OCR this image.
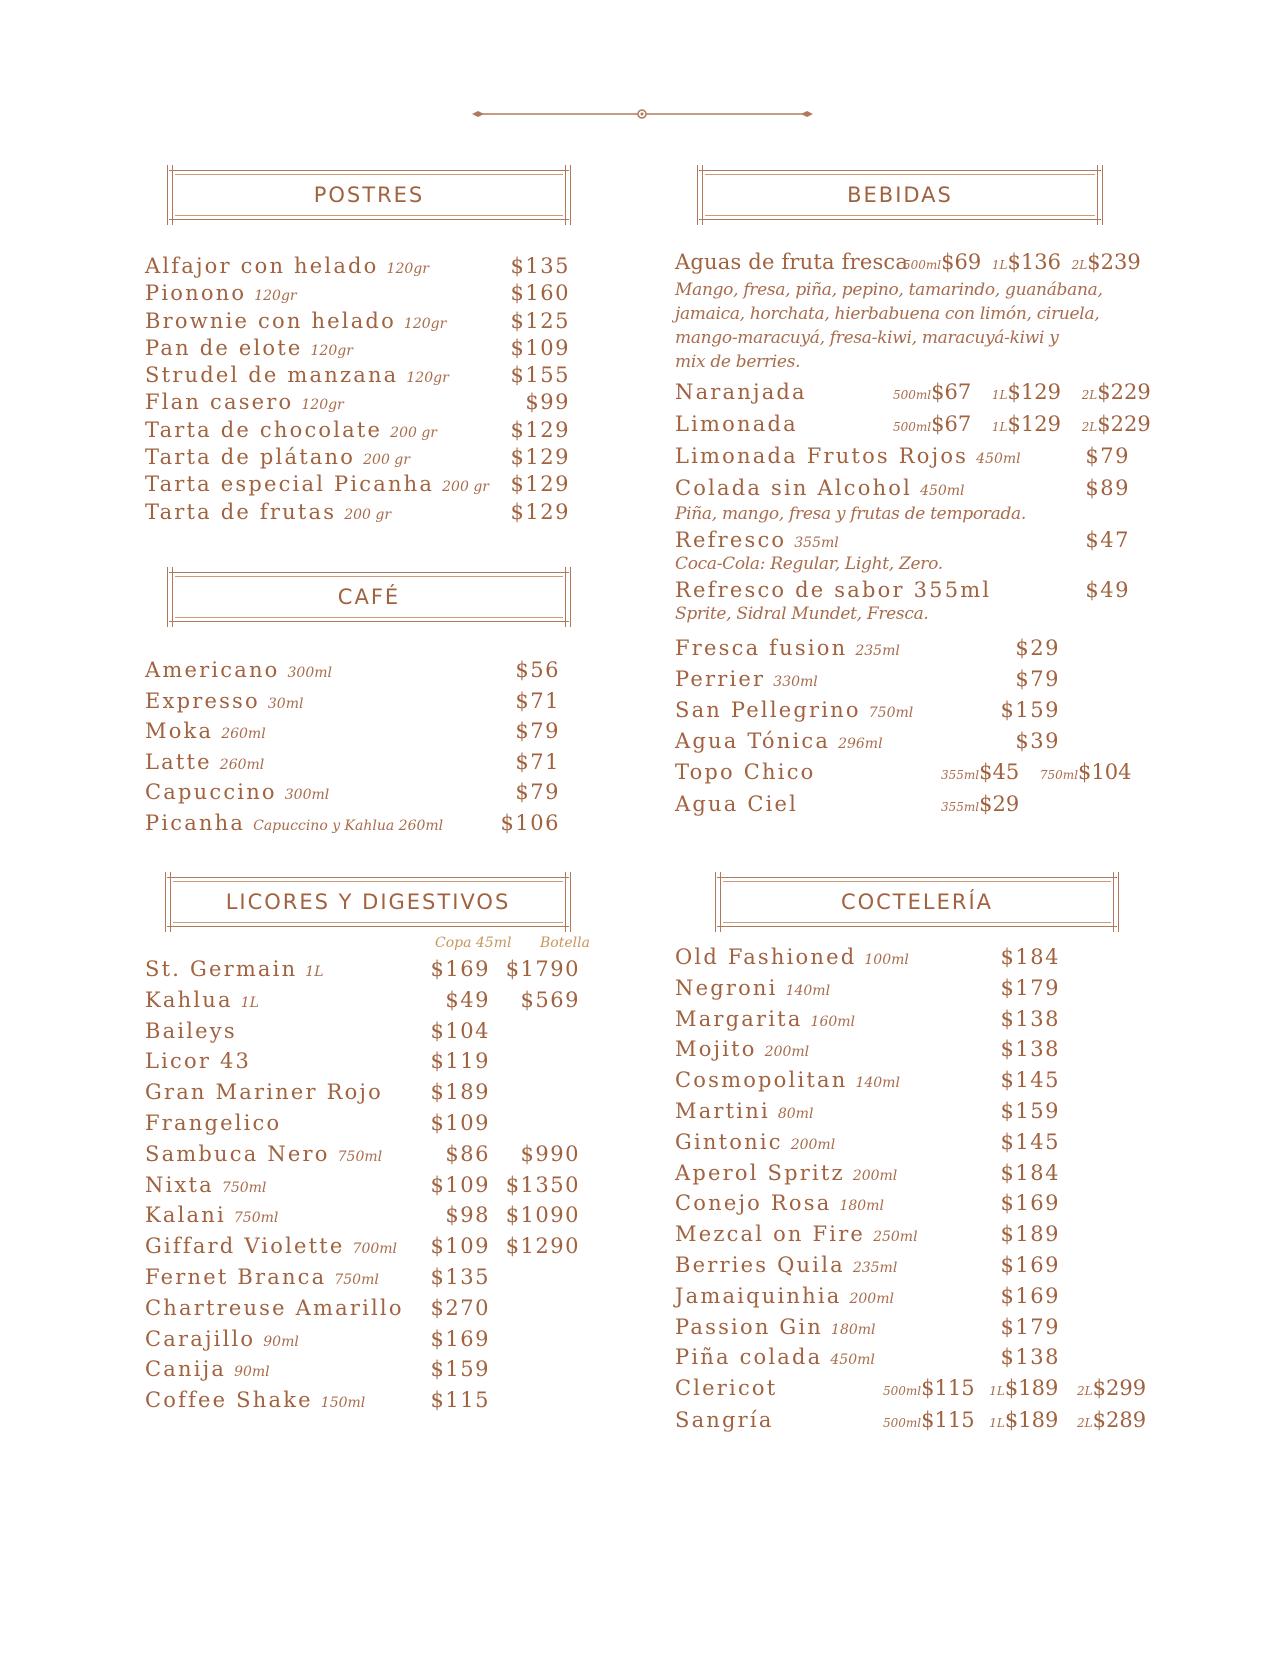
POSTRES
Alfajor con helado 120gr	$135
Pionono 120gr	$160
Brownie con helado 120gr	$125
Pan de elote 120gr	$109
Strudel de manzana 120gr	$155
Flan casero 120gr	$99
Tarta de chocolate 200 gr	$129
Tarta de plátano 200 gr	$129
Tarta especial Picanha 200 gr $129
Tarta de frutas 200 gr	$129
CAFÉ
Americano 300ml	$56
Expresso 30ml	$71
Moka 260ml	$79
Latte 260ml	$71
Capuccino 300ml	$79
Picanha Capuccino y Kahlua 260ml	$106
LICORES Y DIGESTIVOS
Copa 45ml Botella
St. Germain 1L	$169 $1790
Kahlua 1L	$49 $569
Baileys	$104
Licor 43	$119
Gran Mariner Rojo $189
Frangelico	$109
Sambuca Nero 750ml	$86 $990
Nixta 750ml	$109 $1350
Kalani 750ml	$98 $1090
Giffard Violette 700ml $109 $1290
Fernet Branca 750ml $135
Chartreuse Amarillo $270
Carajillo 90ml	$169
Canija 90ml	$159
Coffee Shake 150ml	$115
BEBIDAS
Aguas de fruta fresca
500ml$69 1L$136 2L$239
Mango, fresa, piña, pepino, tamarindo, guanábana,
jamaica, horchata, hierbabuena con limón, ciruela,
mango-maracuyá, fresa-kiwi, maracuyá-kiwi y
mix de berries.
Naranjada	500ml$67 1L$129 2L$229
Limonada	500ml$67 1L$129 2L$229
Limonada Frutos Rojos 450ml	$79
Colada sin Alcohol 450ml	$89
Piña, mango, fresa y frutas de temporada.
Refresco 355ml	$47
Coca-Cola: Regular, Light, Zero.
Refresco de sabor 355ml	$49
Sprite, Sidral Mundet, Fresca.
Fresca fusion 235ml	$29
Perrier 330ml	$79
San Pellegrino 750ml	$159
Agua Tónica 296ml	$39
Topo Chico	355ml$45 750ml$104
Agua Ciel	355ml$29
COCTELERÍA
Old Fashioned 100ml	$184
Negroni 140ml	$179
Margarita 160ml	$138
Mojito 200ml	$138
Cosmopolitan 140ml	$145
Martini 80ml	$159
Gintonic 200ml	$145
Aperol Spritz 200ml	$184
Conejo Rosa 180ml	$169
Mezcal on Fire 250ml	$189
Berries Quila 235ml	$169
Jamaiquinhia 200ml	$169
Passion Gin 180ml	$179
Piña colada 450ml	$138
Clericot	500ml$115 1L$189 2L$299
Sangría	500ml$115 1L$189 2L$289
